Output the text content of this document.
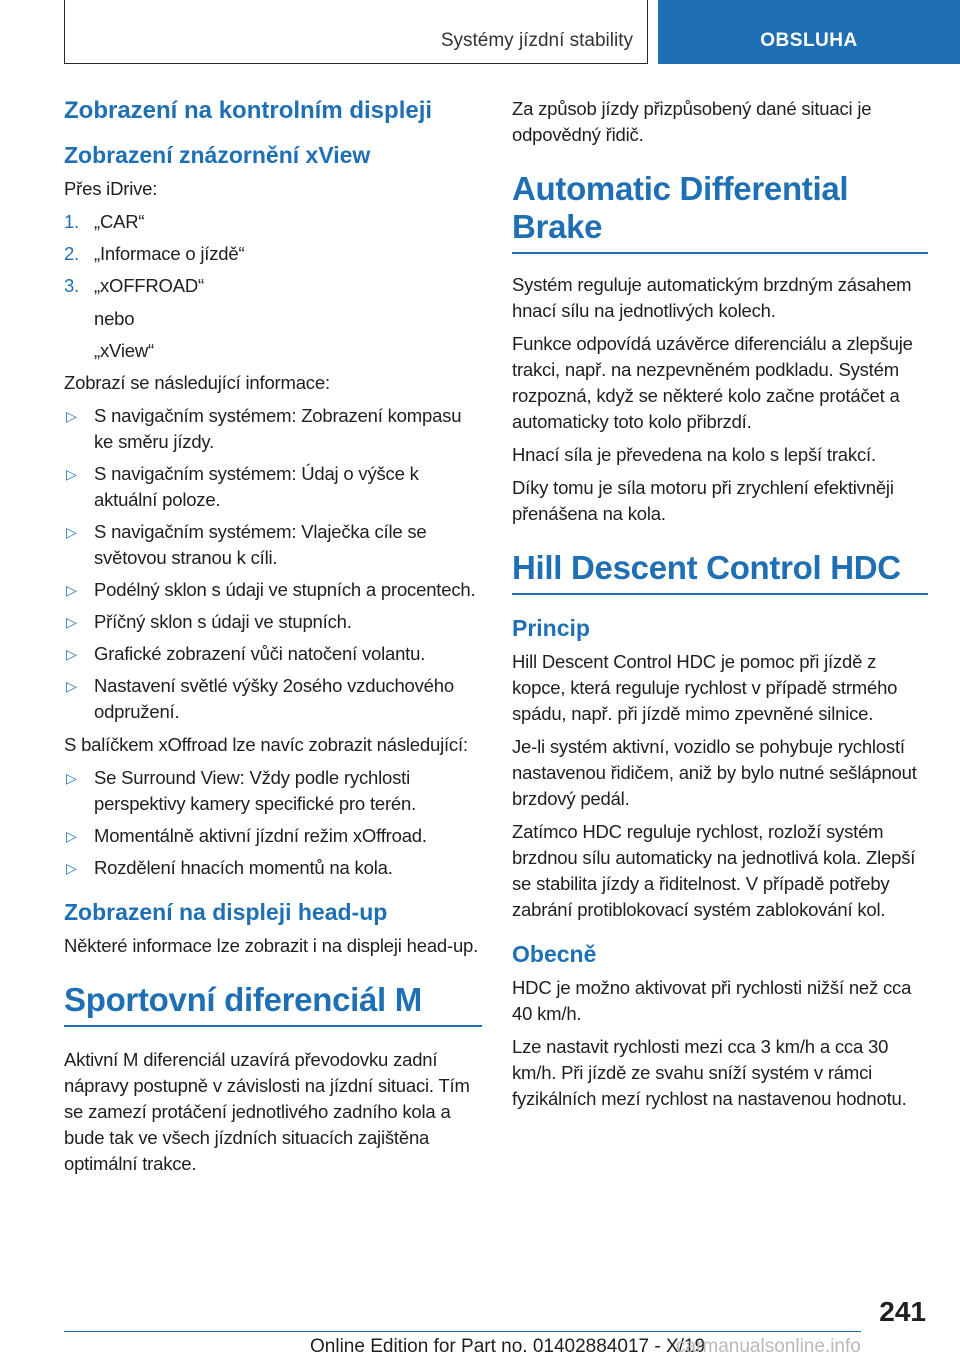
Systémy jízdní stability	OBSLUHA
Zobrazení na kontrolním displeji
Zobrazení znázornění xView

Přes iDrive:

1. „CAR“
2. „Informace o jízdě“
3. „xOFFROAD“

nebo

„xView“

Zobrazí se následující informace:

▷ S navigačním systémem: Zobrazení kompasu ke směru jízdy.
▷ S navigačním systémem: Údaj o výšce k aktuální poloze.
▷ S navigačním systémem: Vlaječka cíle se světovou stranou k cíli.
▷ Podélný sklon s údaji ve stupních a procentech.
▷ Příčný sklon s údaji ve stupních.
▷ Grafické zobrazení vůči natočení volantu.
▷ Nastavení světlé výšky 2osého vzduchového odpružení.

S balíčkem xOffroad lze navíc zobrazit následující:

▷ Se Surround View: Vždy podle rychlosti perspektivy kamery specifické pro terén.
▷ Momentálně aktivní jízdní režim xOffroad.
▷ Rozdělení hnacích momentů na kola.
Zobrazení na displeji head-up

Některé informace lze zobrazit i na displeji head-up.

Sportovní diferenciál M

Aktivní M diferenciál uzavírá převodovku zadní nápravy postupně v závislosti na jízdní situaci. Tím se zamezí protáčení jednotlivého zadního kola a bude tak ve všech jízdních situacích zajištěna optimální trakce.

Za způsob jízdy přizpůsobený dané situaci je odpovědný řidič.

Automatic Differential Brake

Systém reguluje automatickým brzdným zásahem hnací sílu na jednotlivých kolech.

Funkce odpovídá uzávěrce diferenciálu a zlepšuje trakci, např. na nezpevněném podkladu. Systém rozpozná, když se některé kolo začne protáčet a automaticky toto kolo přibrzdí.

Hnací síla je převedena na kolo s lepší trakcí.

Díky tomu je síla motoru při zrychlení efektivněji přenášena na kola.

Hill Descent Control HDC
Princip

Hill Descent Control HDC je pomoc při jízdě z kopce, která reguluje rychlost v případě strmého spádu, např. při jízdě mimo zpevněné silnice.

Je-li systém aktivní, vozidlo se pohybuje rychlostí nastavenou řidičem, aniž by bylo nutné sešlápnout brzdový pedál.

Zatímco HDC reguluje rychlost, rozloží systém brzdnou sílu automaticky na jednotlivá kola. Zlepší se stabilita jízdy a řiditelnost. V případě potřeby zabrání protiblokovací systém zablokování kol.

Obecně

HDC je možno aktivovat při rychlosti nižší než cca 40 km/h.

Lze nastavit rychlosti mezi cca 3 km/h a cca 30 km/h. Při jízdě ze svahu sníží systém v rámci fyzikálních mezí rychlost na nastavenou hodnotu.

241
Online Edition for Part no. 01402884017 - X/19
carmanualsonline.info
